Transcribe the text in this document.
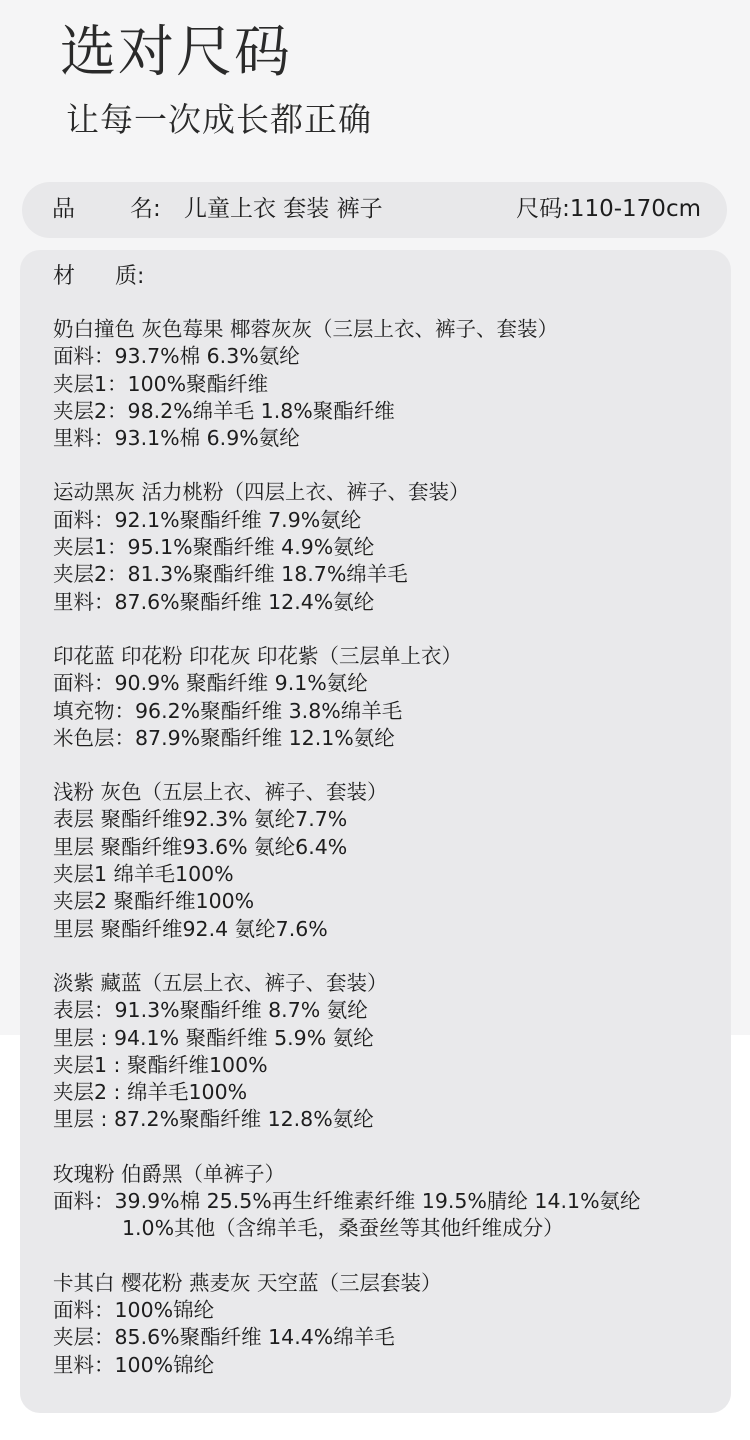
选对尺码
让每一次成长都正确
品 名: 儿童上衣 套装 裤子	尺码:110-170cm
材 质:
奶白撞色 灰色莓果 椰蓉灰灰（三层上衣、裤子、套装）
面料：93.7%棉 6.3%氨纶
夹层1：100%聚酯纤维
夹层2：98.2%绵羊毛 1.8%聚酯纤维
里料：93.1%棉 6.9%氨纶
运动黑灰 活力桃粉（四层上衣、裤子、套装）
面料：92.1%聚酯纤维 7.9%氨纶
夹层1：95.1%聚酯纤维 4.9%氨纶
夹层2：81.3%聚酯纤维 18.7%绵羊毛
里料：87.6%聚酯纤维 12.4%氨纶
印花蓝 印花粉 印花灰 印花紫（三层单上衣）
面料：90.9% 聚酯纤维 9.1%氨纶
填充物：96.2%聚酯纤维 3.8%绵羊毛
米色层：87.9%聚酯纤维 12.1%氨纶
浅粉 灰色（五层上衣、裤子、套装）
表层 聚酯纤维92.3% 氨纶7.7%
里层 聚酯纤维93.6% 氨纶6.4%
夹层1 绵羊毛100%
夹层2 聚酯纤维100%
里层 聚酯纤维92.4 氨纶7.6%
淡紫 藏蓝（五层上衣、裤子、套装）
表层：91.3%聚酯纤维 8.7% 氨纶
里层 : 94.1% 聚酯纤维 5.9% 氨纶
夹层1 : 聚酯纤维100%
夹层2 : 绵羊毛100%
里层 : 87.2%聚酯纤维 12.8%氨纶
玫瑰粉 伯爵黑（单裤子）
面料：39.9%棉 25.5%再生纤维素纤维 19.5%腈纶 14.1%氨纶
1.0%其他（含绵羊毛，桑蚕丝等其他纤维成分）
卡其白 樱花粉 燕麦灰 天空蓝（三层套装）
面料：100%锦纶
夹层：85.6%聚酯纤维 14.4%绵羊毛
里料：100%锦纶
